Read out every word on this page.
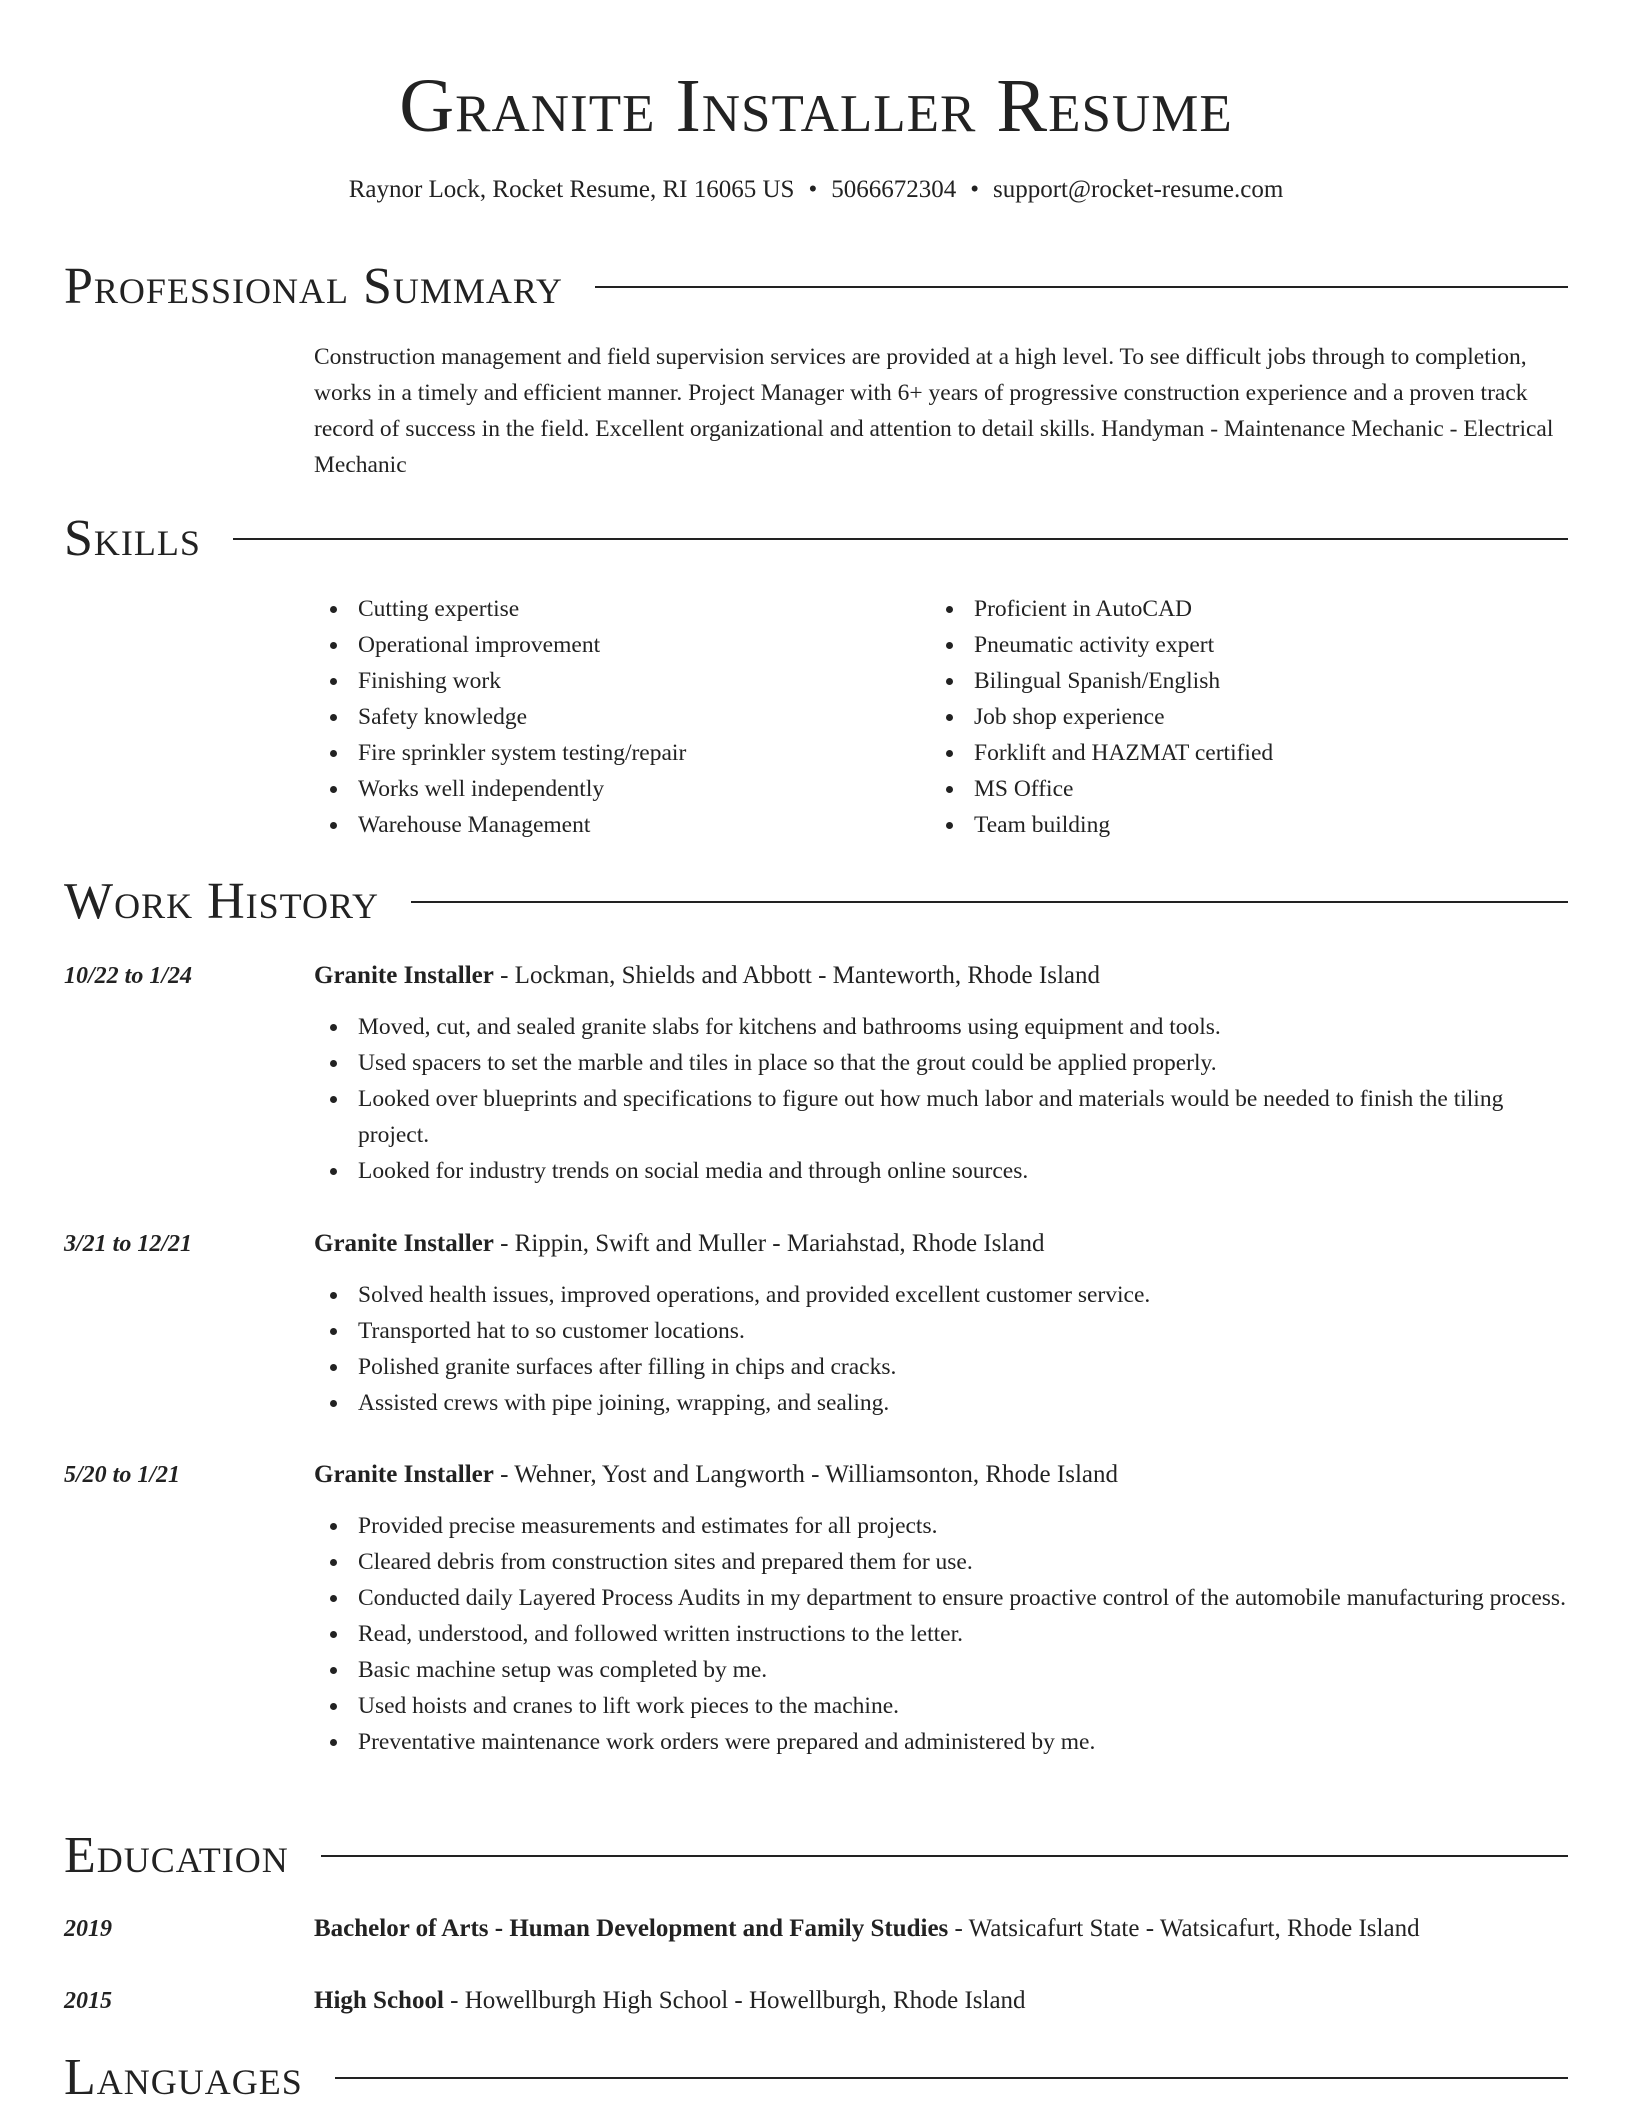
Granite Installer Resume
Raynor Lock, Rocket Resume, RI 16065 US • 5066672304 • support@rocket-resume.com
Professional Summary
Construction management and field supervision services are provided at a high level. To see difficult jobs through to completion, works in a timely and efficient manner. Project Manager with 6+ years of progressive construction experience and a proven track record of success in the field. Excellent organizational and attention to detail skills. Handyman - Maintenance Mechanic - Electrical Mechanic
Skills
Cutting expertise
Operational improvement
Finishing work
Safety knowledge
Fire sprinkler system testing/repair
Works well independently
Warehouse Management
Proficient in AutoCAD
Pneumatic activity expert
Bilingual Spanish/English
Job shop experience
Forklift and HAZMAT certified
MS Office
Team building
Work History
10/22 to 1/24	Granite Installer - Lockman, Shields and Abbott - Manteworth, Rhode Island
Moved, cut, and sealed granite slabs for kitchens and bathrooms using equipment and tools.
Used spacers to set the marble and tiles in place so that the grout could be applied properly.
Looked over blueprints and specifications to figure out how much labor and materials would be needed to finish the tiling project.
Looked for industry trends on social media and through online sources.
3/21 to 12/21	Granite Installer - Rippin, Swift and Muller - Mariahstad, Rhode Island
Solved health issues, improved operations, and provided excellent customer service.
Transported hat to so customer locations.
Polished granite surfaces after filling in chips and cracks.
Assisted crews with pipe joining, wrapping, and sealing.
5/20 to 1/21	Granite Installer - Wehner, Yost and Langworth - Williamsonton, Rhode Island
Provided precise measurements and estimates for all projects.
Cleared debris from construction sites and prepared them for use.
Conducted daily Layered Process Audits in my department to ensure proactive control of the automobile manufacturing process.
Read, understood, and followed written instructions to the letter.
Basic machine setup was completed by me.
Used hoists and cranes to lift work pieces to the machine.
Preventative maintenance work orders were prepared and administered by me.
Education
2019	Bachelor of Arts - Human Development and Family Studies - Watsicafurt State - Watsicafurt, Rhode Island
2015	High School - Howellburgh High School - Howellburgh, Rhode Island
Languages
